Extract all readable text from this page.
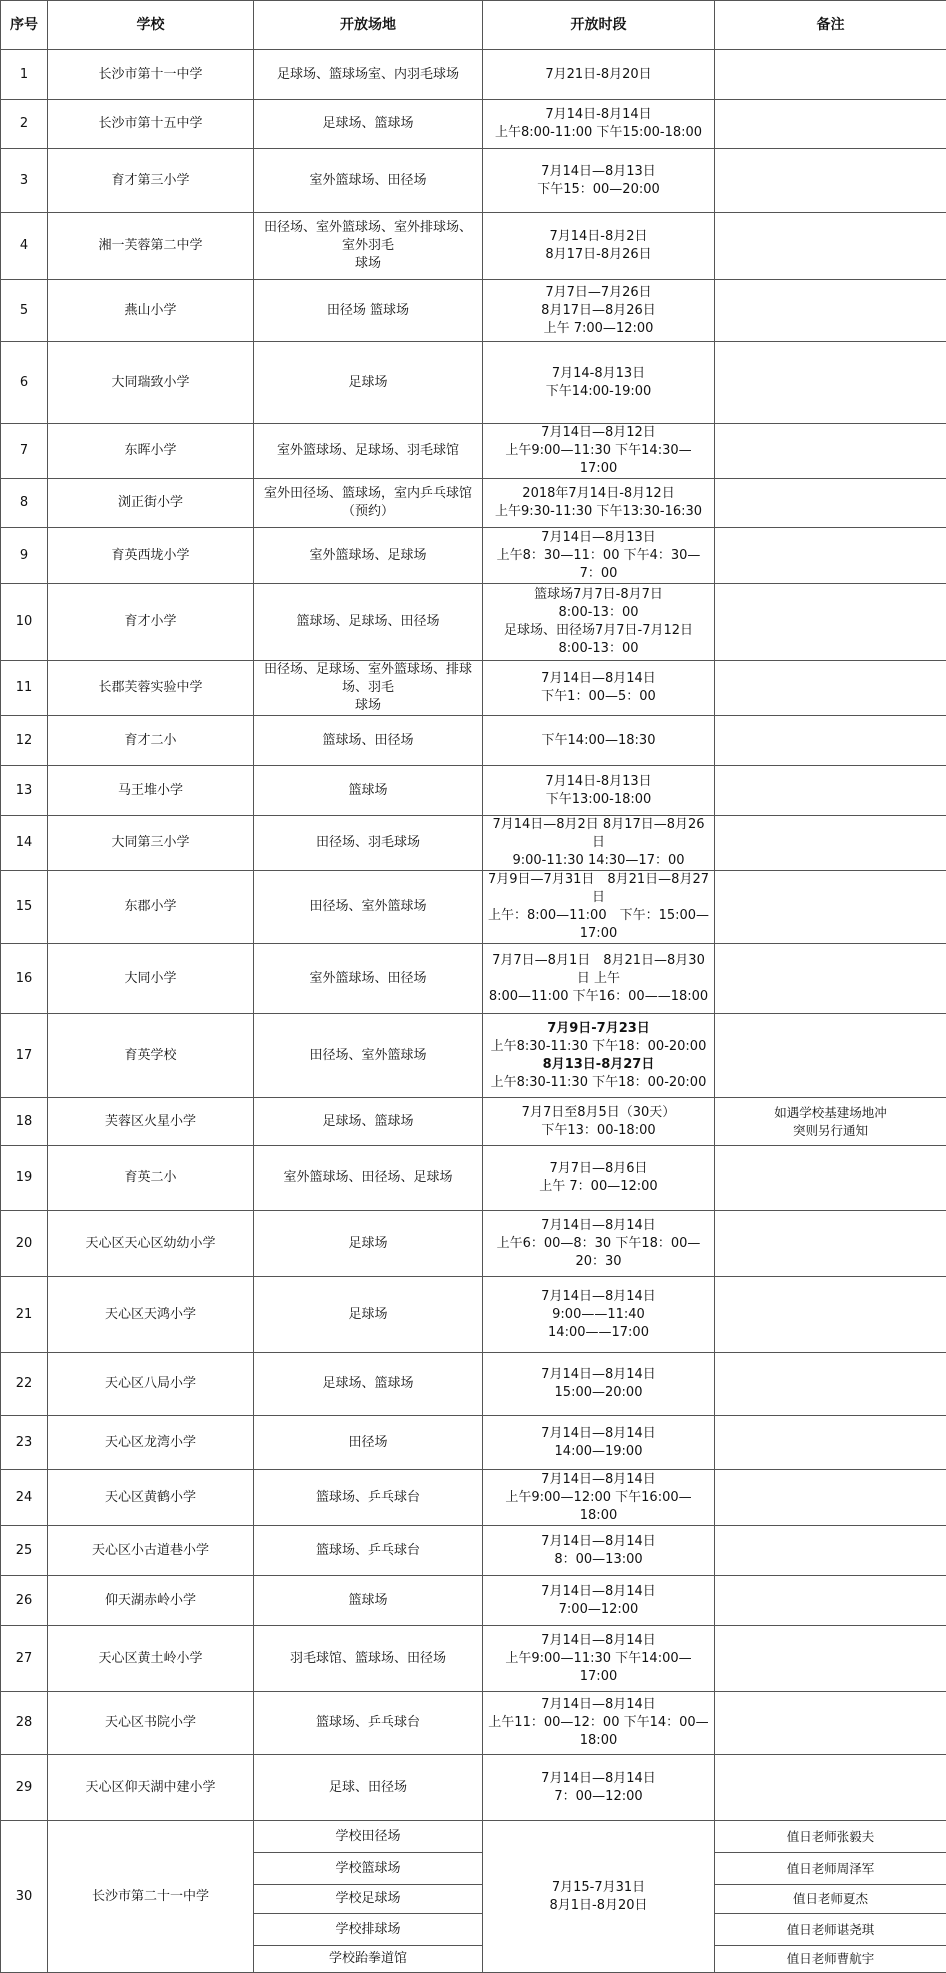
序号	学校	开放场地	开放时段	备注
1	长沙市第十一中学	足球场、篮球场室、内羽毛球场	7月21日-8月20日	
2	长沙市第十五中学	足球场、篮球场	7月14日-8月14日
上午8:00-11:00 下午15:00-18:00	
3	育才第三小学	室外篮球场、田径场	7月14日—8月13日
下午15：00—20:00	
4	湘一芙蓉第二中学	田径场、室外篮球场、室外排球场、室外羽毛
球场	7月14日-8月2日
8月17日-8月26日	
5	燕山小学	田径场 篮球场	7月7日—7月26日
8月17日—8月26日
上午 7:00—12:00	
6	大同瑞致小学	足球场	7月14-8月13日
下午14:00-19:00	
7	东晖小学	室外篮球场、足球场、羽毛球馆	7月14日—8月12日
上午9:00—11:30 下午14:30—17:00	
8	浏正街小学	室外田径场、篮球场，室内乒乓球馆（预约）	2018年7月14日-8月12日
上午9:30-11:30 下午13:30-16:30	
9	育英西垅小学	室外篮球场、足球场	7月14日—8月13日
上午8：30—11：00 下午4：30—7：00	
10	育才小学	篮球场、足球场、田径场	篮球场7月7日-8月7日
8:00-13：00
足球场、田径场7月7日-7月12日
8:00-13：00	
11	长郡芙蓉实验中学	田径场、足球场、室外篮球场、排球场、羽毛
球场	7月14日—8月14日
下午1：00—5：00	
12	育才二小	篮球场、田径场	下午14:00—18:30	
13	马王堆小学	篮球场	7月14日-8月13日
下午13:00-18:00	
14	大同第三小学	田径场、羽毛球场	7月14日—8月2日 8月17日—8月26日
9:00-11:30 14:30—17：00	
15	东郡小学	田径场、室外篮球场	7月9日—7月31日　8月21日—8月27日
上午：8:00—11:00　下午：15:00—17:00	
16	大同小学	室外篮球场、田径场	7月7日—8月1日　8月21日—8月30日 上午
8:00—11:00 下午16：00——18:00	
17	育英学校	田径场、室外篮球场	7月9日-7月23日
上午8:30-11:30 下午18：00-20:00
8月13日-8月27日
上午8:30-11:30 下午18：00-20:00	
18	芙蓉区火星小学	足球场、篮球场	7月7日至8月5日（30天）
下午13：00-18:00	如遇学校基建场地冲
突则另行通知
19	育英二小	室外篮球场、田径场、足球场	7月7日—8月6日
上午 7：00—12:00	
20	天心区天心区幼幼小学	足球场	7月14日—8月14日
上午6：00—8：30 下午18：00—20：30	
21	天心区天鸿小学	足球场	7月14日—8月14日
9:00——11:40
14:00——17:00	
22	天心区八局小学	足球场、篮球场	7月14日—8月14日
15:00—20:00	
23	天心区龙湾小学	田径场	7月14日—8月14日
14:00—19:00	
24	天心区黄鹤小学	篮球场、乒乓球台	7月14日—8月14日
上午9:00—12:00 下午16:00—18:00	
25	天心区小古道巷小学	篮球场、乒乓球台	7月14日—8月14日
8：00—13:00	
26	仰天湖赤岭小学	篮球场	7月14日—8月14日
7:00—12:00	
27	天心区黄土岭小学	羽毛球馆、篮球场、田径场	7月14日—8月14日
上午9:00—11:30 下午14:00—17:00	
28	天心区书院小学	篮球场、乒乓球台	7月14日—8月14日
上午11：00—12：00 下午14：00—18:00	
29	天心区仰天湖中建小学	足球、田径场	7月14日—8月14日
7：00—12:00	
30	长沙市第二十一中学	学校田径场	7月15-7月31日
8月1日-8月20日	值日老师张毅夫
		学校篮球场		值日老师周泽军
		学校足球场		值日老师夏杰
		学校排球场		值日老师谌尧琪
		学校跆拳道馆		值日老师曹航宇
